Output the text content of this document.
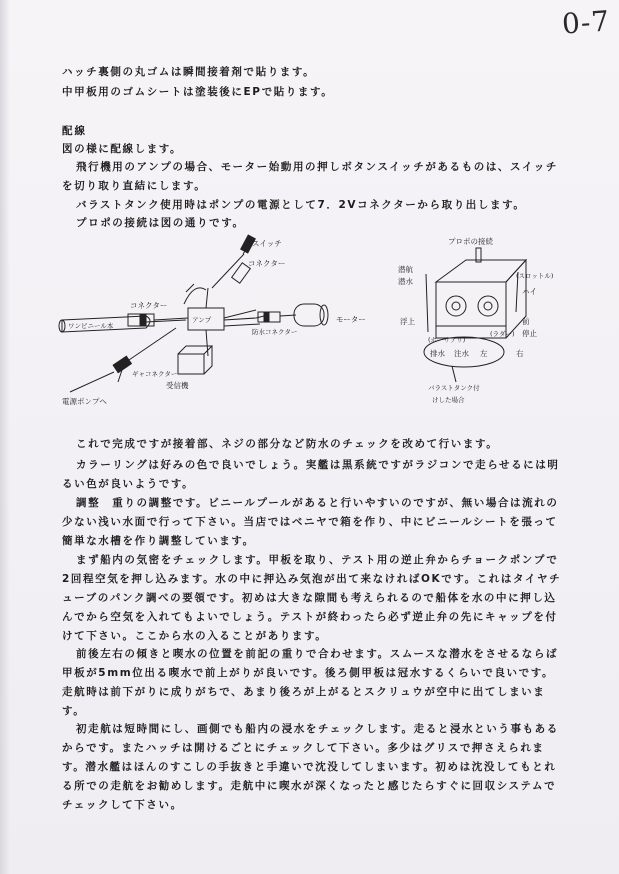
0-7
ハッチ裏側の丸ゴムは瞬間接着剤で貼ります。
中甲板用のゴムシートは塗装後にEPで貼ります。
配線
図の様に配線します。
飛行機用のアンプの場合、モーター始動用の押しボタンスイッチがあるものは、スイッチを切り取り直結にします。
バラストタンク使用時はポンプの電源として7．2Vコネクターから取り出します。
プロポの接続は図の通りです。
スイッチ
コネクター
コネクター
ワンビニール本
アンプ
防水コネクター
モーター
ギャコネクター
電源ポンプへ
受信機
プロポの接続
潜航
潜水
浮上
(スロットル)
ハイ
前
停止
(ホーリアリ)
(ラダー)
排水 注水 左	右
バラストタンク付
けした場合
これで完成ですが接着部、ネジの部分など防水のチェックを改めて行います。
カラーリングは好みの色で良いでしょう。実艦は黒系統ですがラジコンで走らせるには明るい色が良いようです。
調整　重りの調整です。ビニールプールがあると行いやすいのですが、無い場合は流れの少ない浅い水面で行って下さい。当店ではベニヤで箱を作り、中にビニールシートを張って簡単な水槽を作り調整しています。
まず船内の気密をチェックします。甲板を取り、テスト用の逆止弁からチョークポンプで2回程空気を押し込みます。水の中に押込み気泡が出て来なければOKです。これはタイヤチューブのパンク調べの要領です。初めは大きな隙間も考えられるので船体を水の中に押し込んでから空気を入れてもよいでしょう。テストが終わったら必ず逆止弁の先にキャップを付けて下さい。ここから水の入ることがあります。
前後左右の傾きと喫水の位置を前記の重りで合わせます。スムースな潜水をさせるならば甲板が5mm位出る喫水で前上がりが良いです。後ろ側甲板は冠水するくらいで良いです。走航時は前下がりに成りがちで、あまり後ろが上がるとスクリュウが空中に出てしまいます。
初走航は短時間にし、画側でも船内の浸水をチェックします。走ると浸水という事もあるからです。またハッチは開けるごとにチェックして下さい。多少はグリスで押さえられます。潜水艦はほんのすこしの手抜きと手違いで沈没してしまいます。初めは沈没してもとれる所での走航をお勧めします。走航中に喫水が深くなったと感じたらすぐに回収システムでチェックして下さい。
